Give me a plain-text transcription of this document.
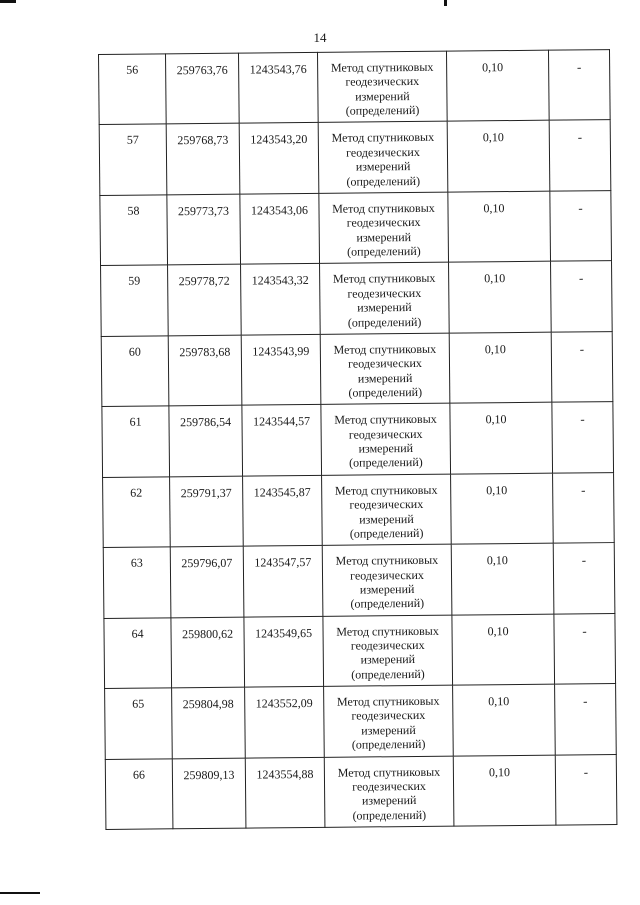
14
56	259763,76	1243543,76	Метод спутниковых геодезических измерений (определений)	0,10	-

57	259768,73	1243543,20	Метод спутниковых геодезических измерений (определений)	0,10	-

58	259773,73	1243543,06	Метод спутниковых геодезических измерений (определений)	0,10	-

59	259778,72	1243543,32	Метод спутниковых геодезических измерений (определений)	0,10	-

60	259783,68	1243543,99	Метод спутниковых геодезических измерений (определений)	0,10	-

61	259786,54	1243544,57	Метод спутниковых геодезических измерений (определений)	0,10	-

62	259791,37	1243545,87	Метод спутниковых геодезических измерений (определений)	0,10	-

63	259796,07	1243547,57	Метод спутниковых геодезических измерений (определений)	0,10	-

64	259800,62	1243549,65	Метод спутниковых геодезических измерений (определений)	0,10	-

65	259804,98	1243552,09	Метод спутниковых геодезических измерений (определений)	0,10	-

66	259809,13	1243554,88	Метод спутниковых геодезических измерений (определений)	0,10	-
